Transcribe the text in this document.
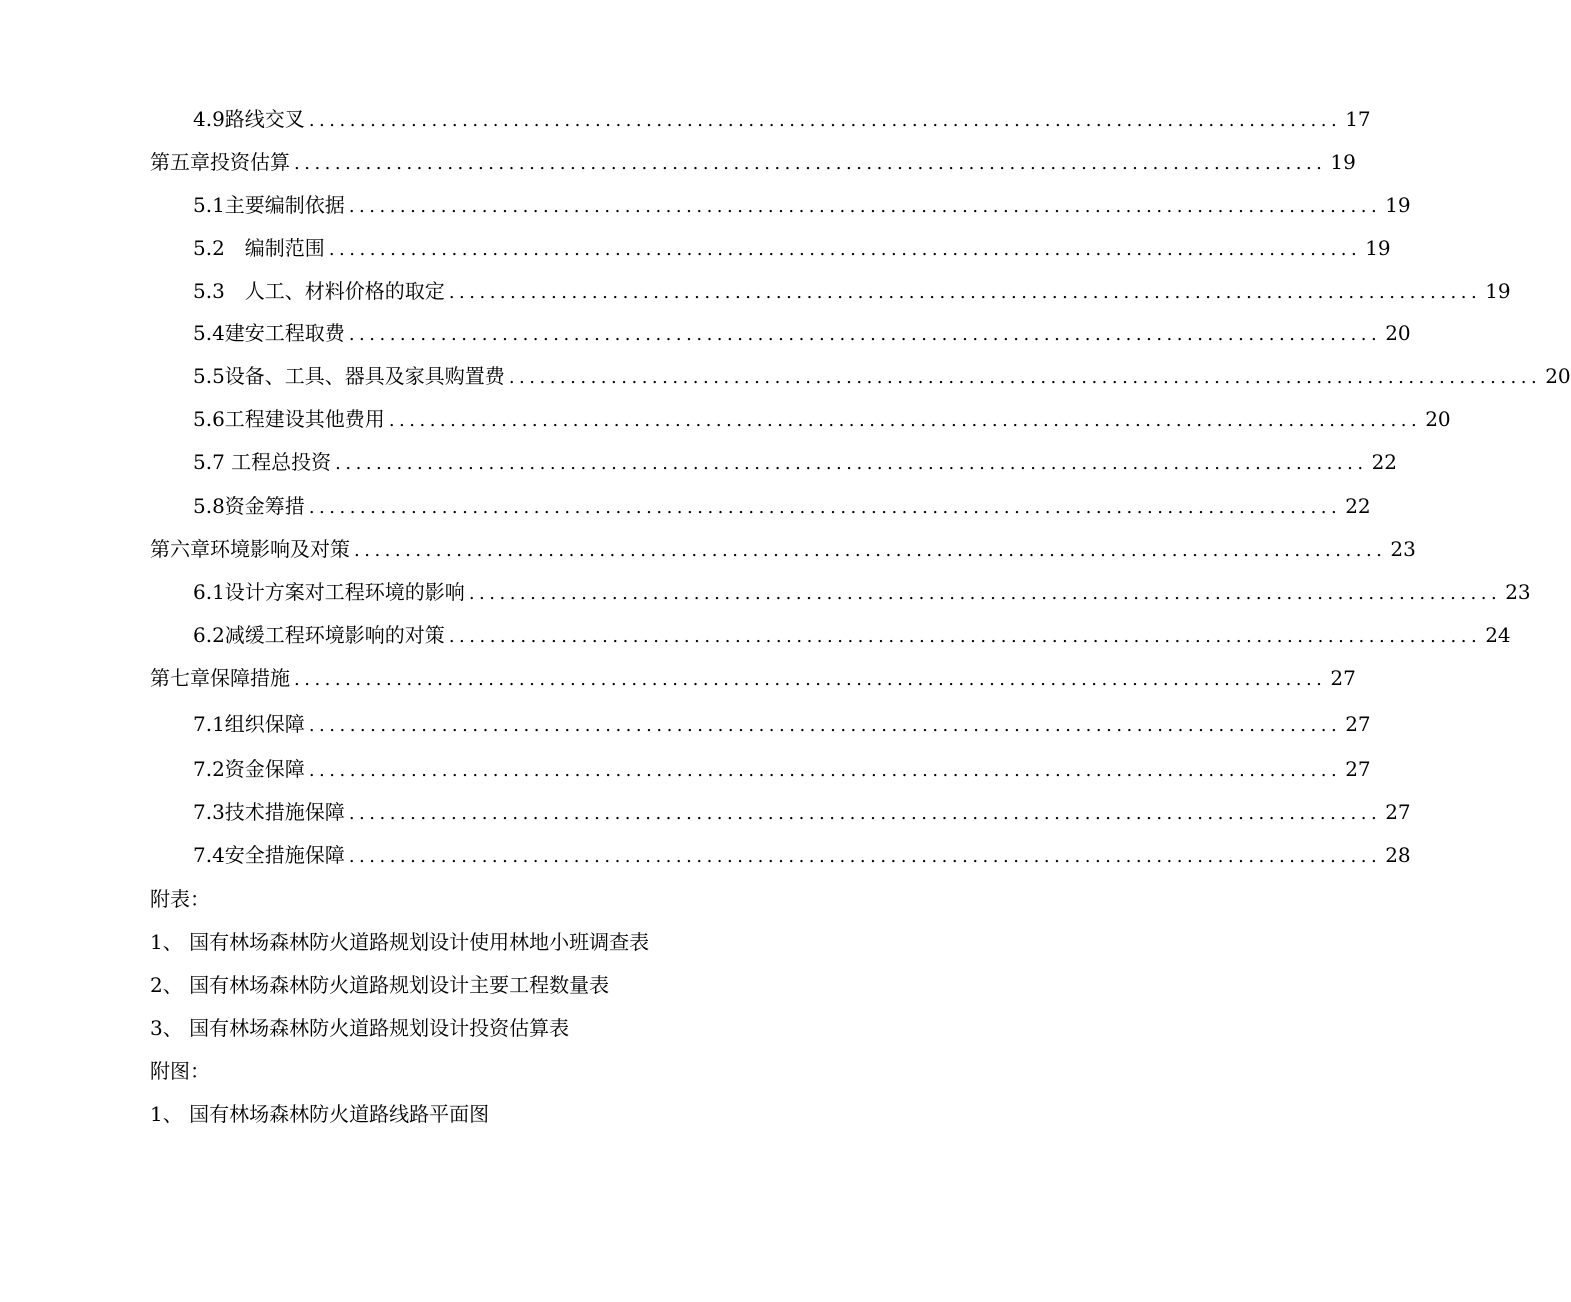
4.9路线交叉 ..................................................................................................... 17
第五章投资估算 ..................................................................................................... 19
5.1主要编制依据 ..................................................................................................... 19
5.2　编制范围 ..................................................................................................... 19
5.3　人工、材料价格的取定 ..................................................................................................... 19
5.4建安工程取费 ..................................................................................................... 20
5.5设备、工具、器具及家具购置费 ..................................................................................................... 20
5.6工程建设其他费用 ..................................................................................................... 20
5.7 工程总投资 ..................................................................................................... 22
5.8资金筹措 ..................................................................................................... 22
第六章环境影响及对策 ..................................................................................................... 23
6.1设计方案对工程环境的影响 ..................................................................................................... 23
6.2减缓工程环境影响的对策 ..................................................................................................... 24
第七章保障措施 ..................................................................................................... 27
7.1组织保障 ..................................................................................................... 27
7.2资金保障 ..................................................................................................... 27
7.3技术措施保障 ..................................................................................................... 27
7.4安全措施保障 ..................................................................................................... 28
附表：
1、 国有林场森林防火道路规划设计使用林地小班调查表
2、 国有林场森林防火道路规划设计主要工程数量表
3、 国有林场森林防火道路规划设计投资估算表
附图：
1、 国有林场森林防火道路线路平面图
